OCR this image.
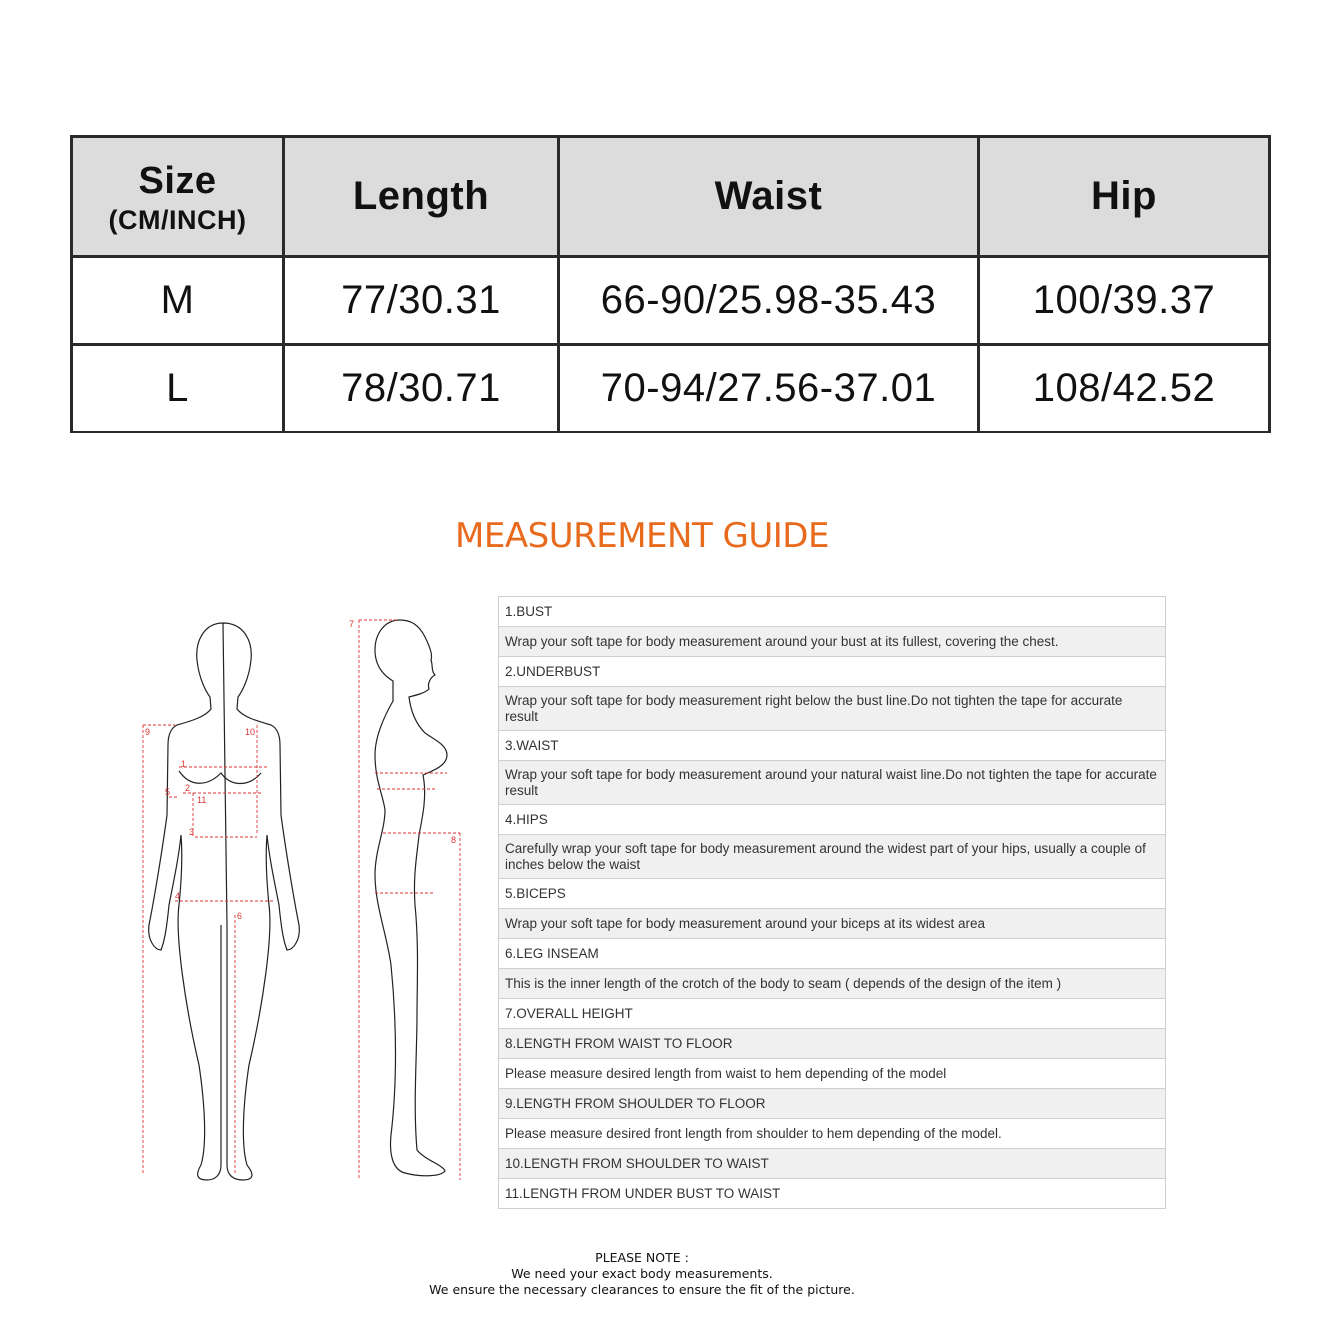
Size
(CM/INCH)	Length	Waist	Hip
M	77/30.31	66-90/25.98-35.43	100/39.37
L	78/30.71	70-94/27.56-37.01	108/42.52
MEASUREMENT GUIDE
9	10
1
2
5
11
3
4
6
7
8
1.BUST
Wrap your soft tape for body measurement around your bust at its fullest, covering the chest.
2.UNDERBUST
Wrap your soft tape for body measurement right below the bust line.Do not tighten the tape for accurate result
3.WAIST
Wrap your soft tape for body measurement around your natural waist line.Do not tighten the tape for accurate result
4.HIPS
Carefully wrap your soft tape for body measurement around the widest part of your hips, usually a couple of inches below the waist
5.BICEPS
Wrap your soft tape for body measurement around your biceps at its widest area
6.LEG INSEAM
This is the inner length of the crotch of the body to seam ( depends of the design of the item )
7.OVERALL HEIGHT
8.LENGTH FROM WAIST TO FLOOR
Please measure desired length from waist to hem depending of the model
9.LENGTH FROM SHOULDER TO FLOOR
Please measure desired front length from shoulder to hem depending of the model.
10.LENGTH FROM SHOULDER TO WAIST
11.LENGTH FROM UNDER BUST TO WAIST
PLEASE NOTE :
We need your exact body measurements.
We ensure the necessary clearances to ensure the fit of the picture.
